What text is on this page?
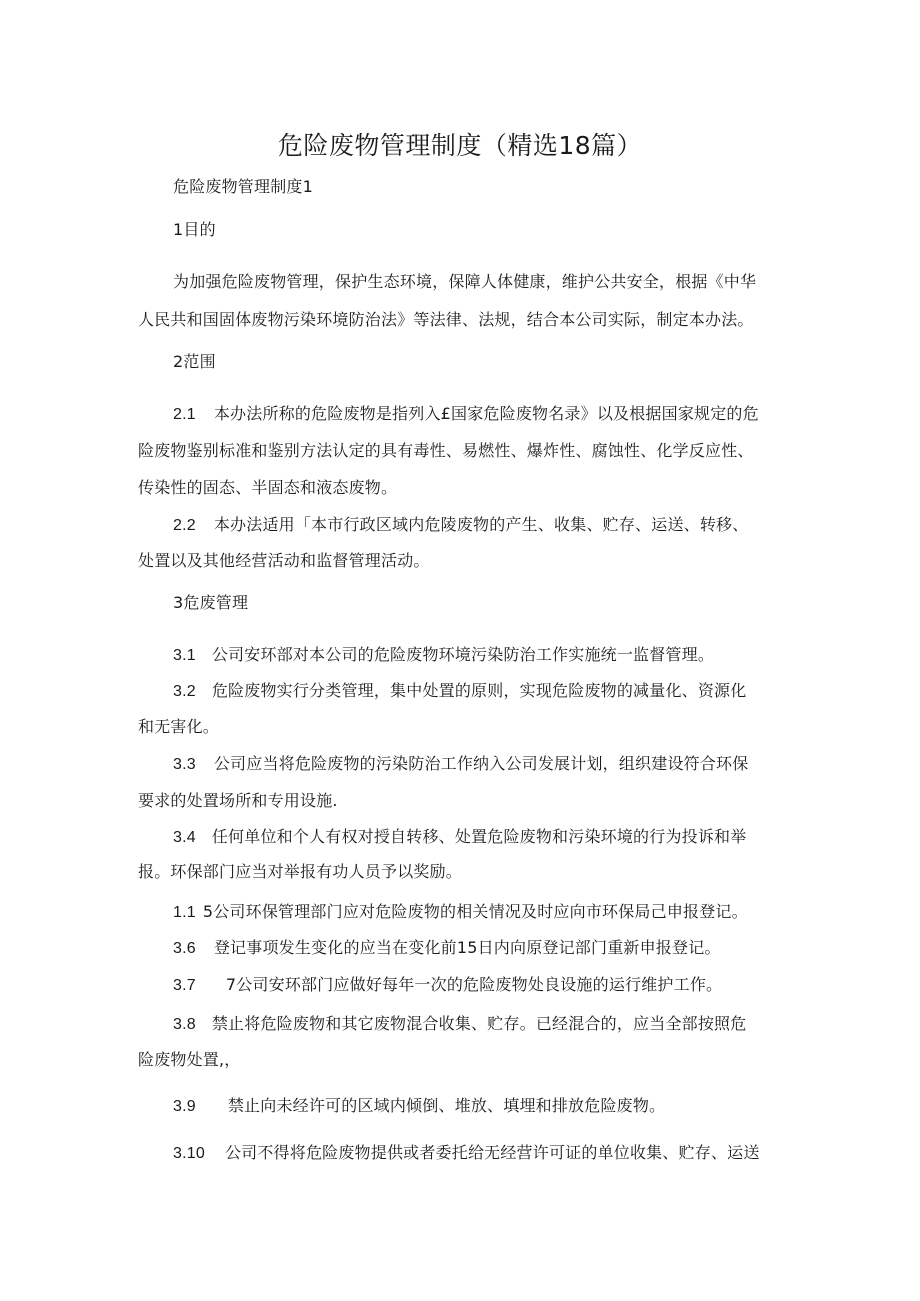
危险废物管理制度（精选18篇）
危险废物管理制度1
1目的
为加强危险废物管理，保护生态环境，保障人体健康，维护公共安全，根据《中华
人民共和国固体废物污染环境防治法》等法律、法规，结合本公司实际，制定本办法。
2范围
2.1 本办法所称的危险废物是指列入£国家危险废物名录》以及根据国家规定的危
险废物鉴别标准和鉴别方法认定的具有毒性、易燃性、爆炸性、腐蚀性、化学反应性、
传染性的固态、半固态和液态废物。
2.2 本办法适用「本市行政区域内危陵废物的产生、收集、贮存、运送、转移、
处置以及其他经营活动和监督管理活动。
3危废管理
3.1 公司安环部对本公司的危险废物环境污染防治工作实施统一监督管理。
3.2 危险废物实行分类管理，集中处置的原则，实现危险废物的减量化、资源化
和无害化。
3.3 公司应当将危险废物的污染防治工作纳入公司发展计划，组织建设符合环保
要求的处置场所和专用设施.
3.4 任何单位和个人有权对授自转移、处置危险废物和污染环境的行为投诉和举
报。环保部门应当对举报有功人员予以奖励。
1.1 5公司环保管理部门应对危险废物的相关情况及时应向市环保局己申报登记。
3.6 登记事项发生变化的应当在变化前15日内向原登记部门重新申报登记。
3.7 7公司安环部门应做好每年一次的危险废物处良设施的运行维护工作。
3.8 禁止将危险废物和其它废物混合收集、贮存。已经混合的，应当全部按照危
险废物处置,，
3.9 禁止向未经许可的区域内倾倒、堆放、填埋和排放危险废物。
3.10 公司不得将危险废物提供或者委托给无经营许可证的单位收集、贮存、运送
